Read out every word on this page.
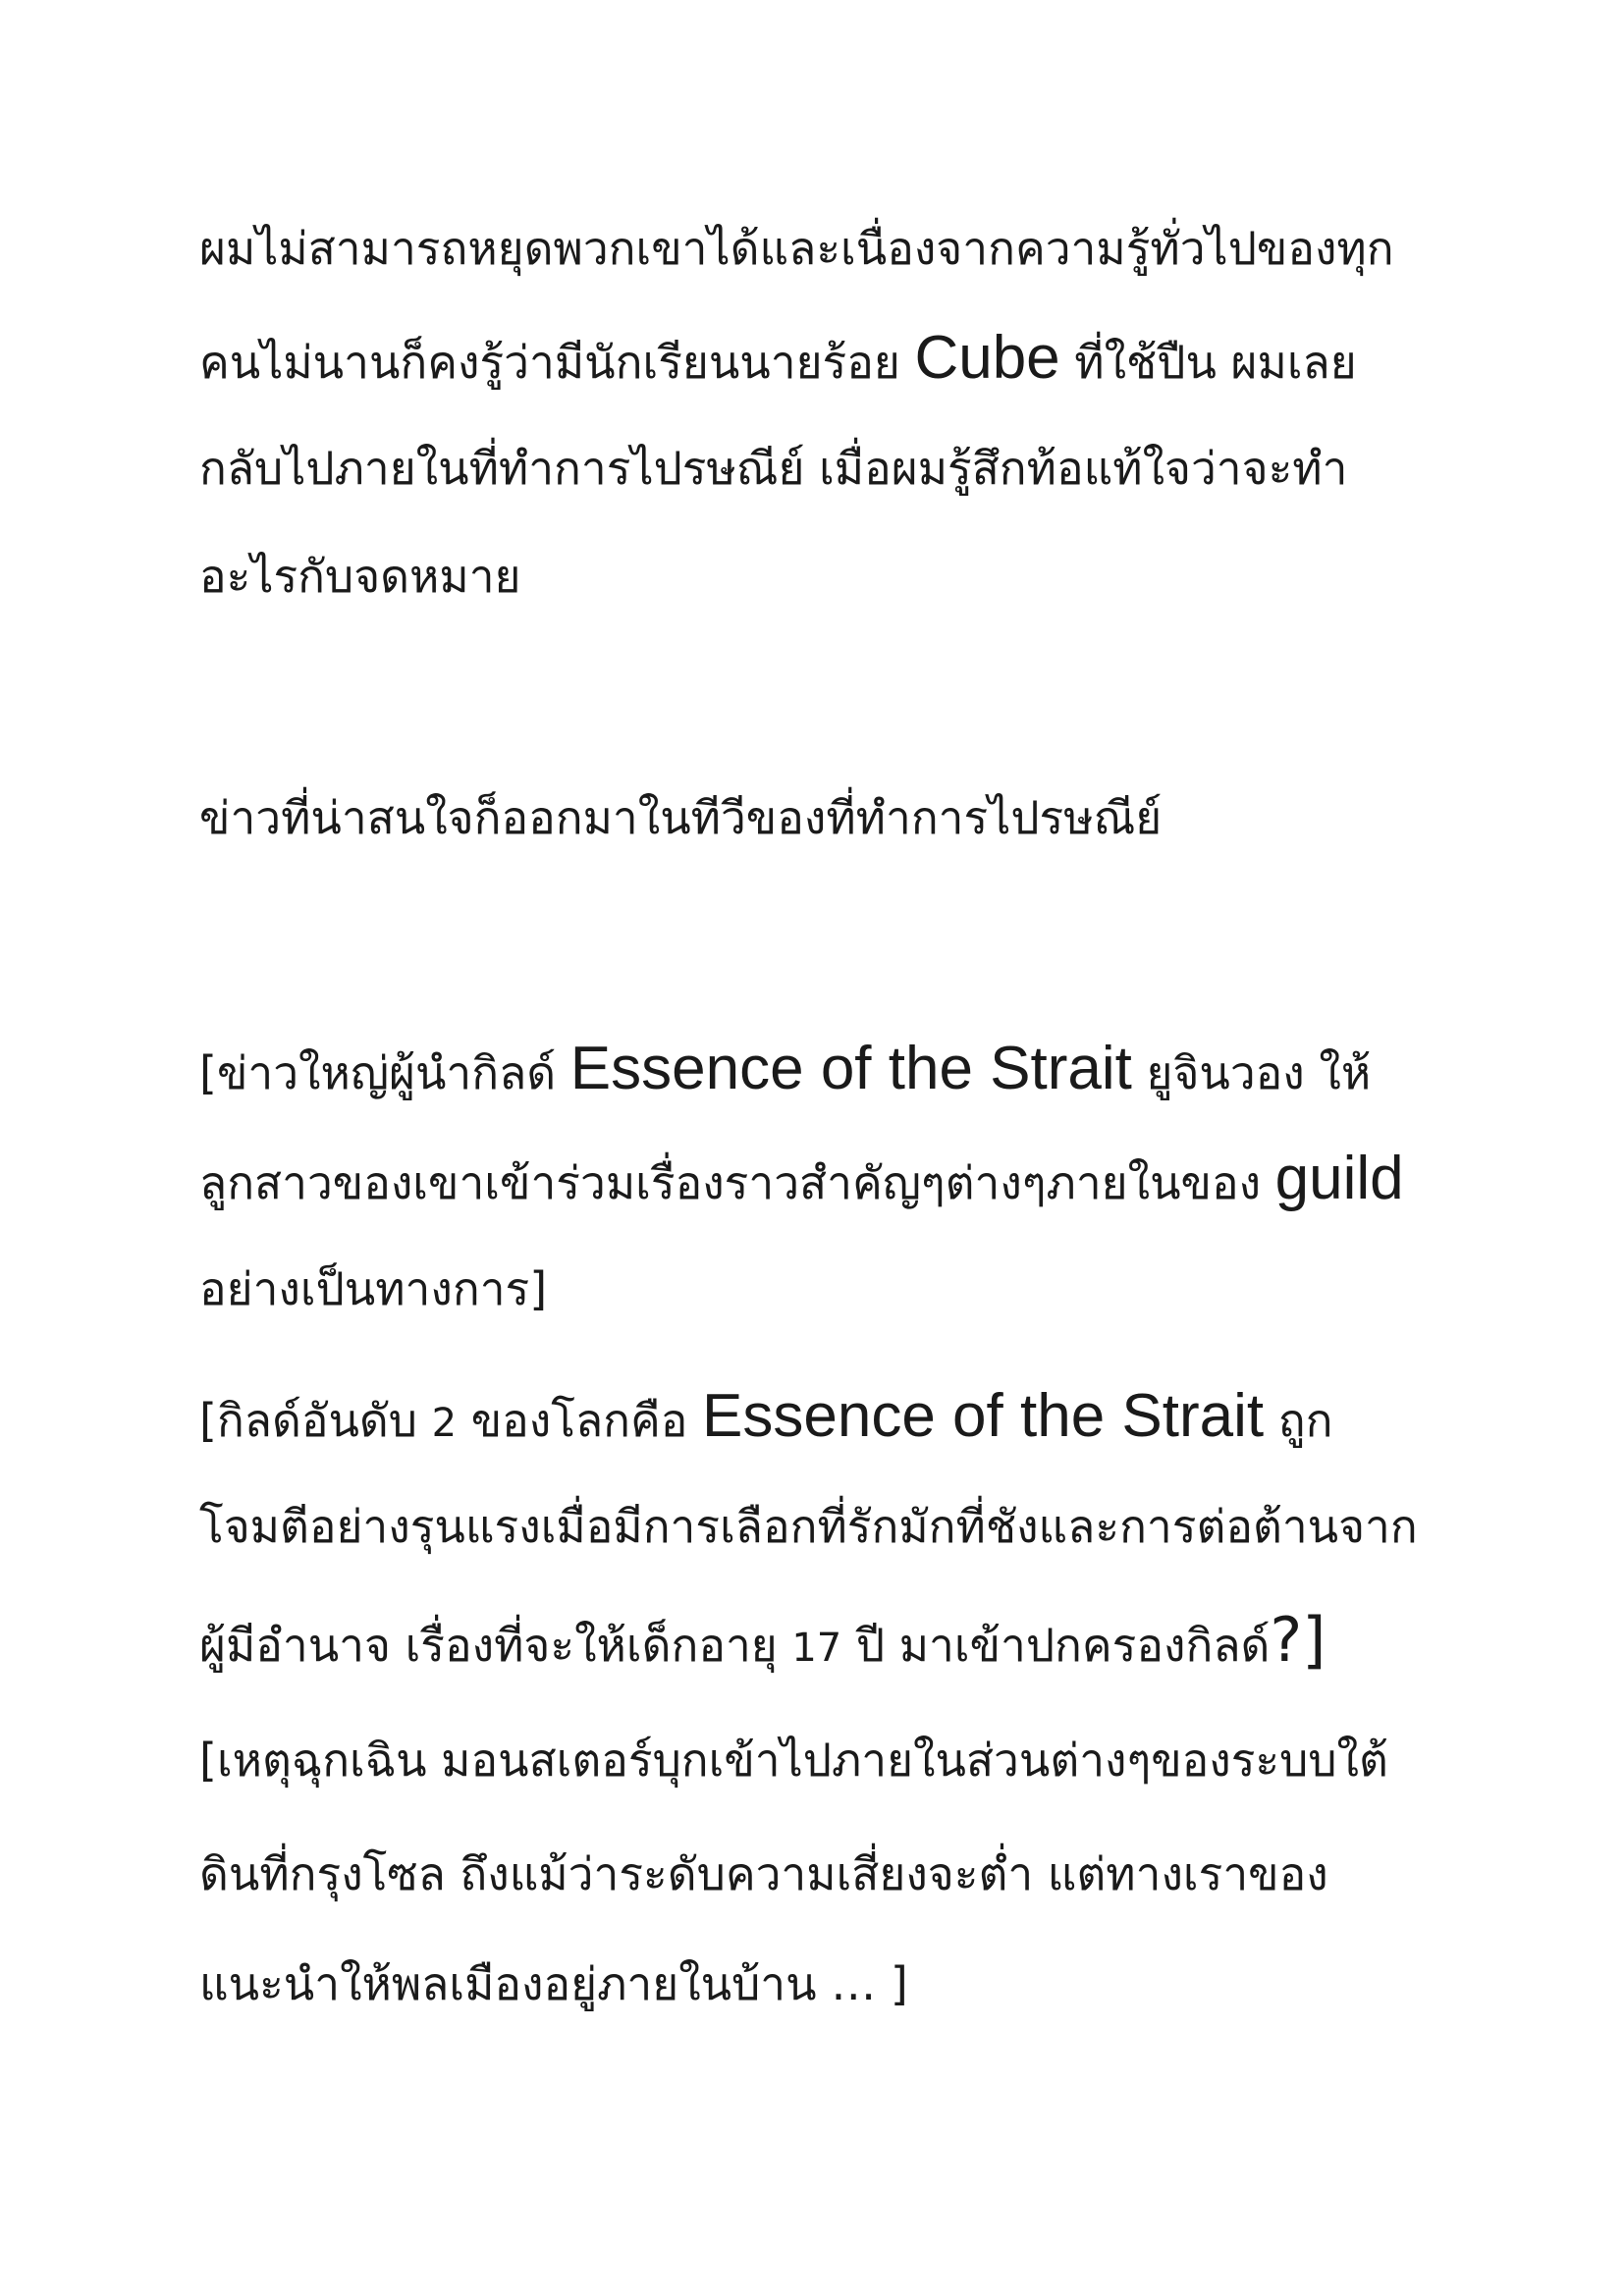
ผมไม่สามารถหยุดพวกเขาได้และเนื่องจากความรู้ทั่วไปของทุก
คนไม่นานก็คงรู้ว่ามีนักเรียนนายร้อย Cube ที่ใช้ปืน ผมเลย
กลับไปภายในที่ทำการไปรษณีย์ เมื่อผมรู้สึกท้อแท้ใจว่าจะทำ
อะไรกับจดหมาย
ข่าวที่น่าสนใจก็ออกมาในทีวีของที่ทำการไปรษณีย์
[ข่าวใหญ่ผู้นำกิลด์ Essence of the Strait ยูจินวอง ให้
ลูกสาวของเขาเข้าร่วมเรื่องราวสำคัญๆต่างๆภายในของ guild
อย่างเป็นทางการ]
[กิลด์อันดับ 2 ของโลกคือ Essence of the Strait ถูก
โจมตีอย่างรุนแรงเมื่อมีการเลือกที่รักมักที่ชังและการต่อต้านจาก
ผู้มีอำนาจ เรื่องที่จะให้เด็กอายุ 17 ปี มาเข้าปกครองกิลด์?]
[เหตุฉุกเฉิน มอนสเตอร์บุกเข้าไปภายในส่วนต่างๆของระบบใต้
ดินที่กรุงโซล ถึงแม้ว่าระดับความเสี่ยงจะต่ำ แต่ทางเราของ
แนะนำให้พลเมืองอยู่ภายในบ้าน … ]
